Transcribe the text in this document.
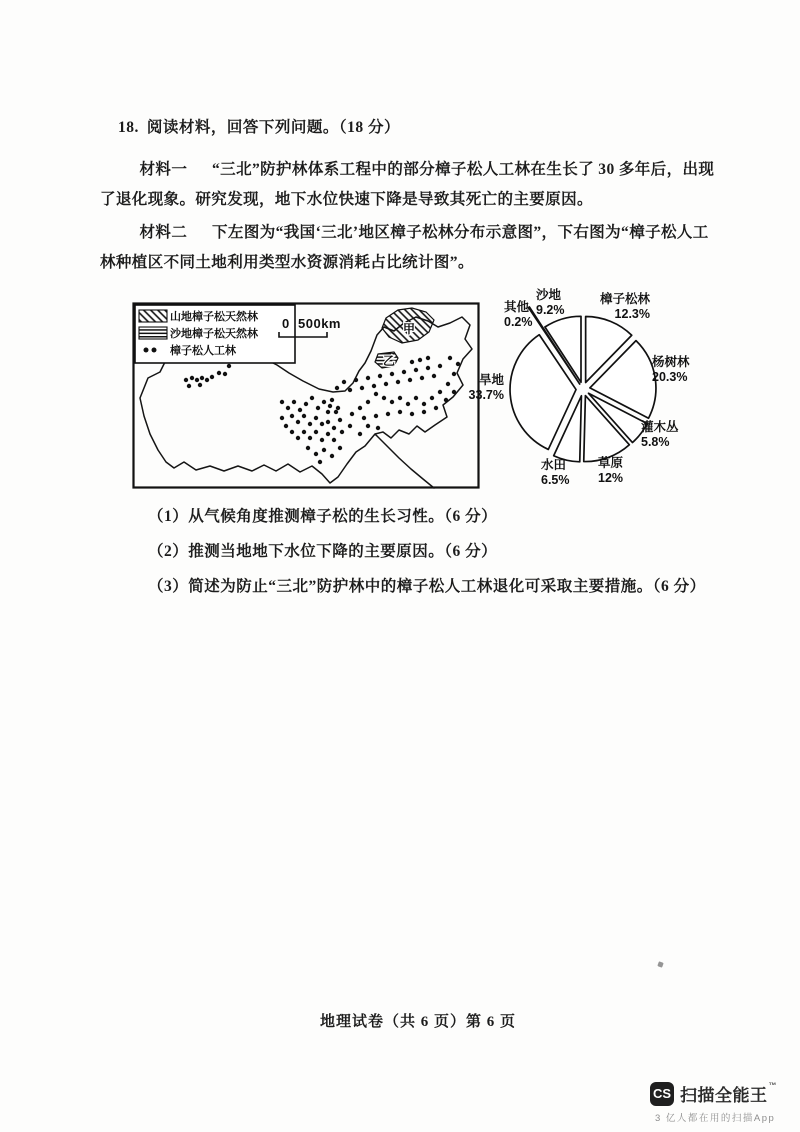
18. 阅读材料，回答下列问题。（18 分）

材料一 “三北”防护林体系工程中的部分樟子松人工林在生长了 30 多年后，出现了退化现象。研究发现，地下水位快速下降是导致其死亡的主要原因。

材料二 下左图为“我国‘三北’地区樟子松林分布示意图”，下右图为“樟子松人工林种植区不同土地利用类型水资源消耗占比统计图”。

甲
乙
山地樟子松天然林
沙地樟子松天然林
樟子松人工林
0 500km
沙地
9.2%
樟子松林
12.3%
其他
0.2%
杨树林
20.3%
旱地
33.7%
灌木丛
5.8%
草原
12%
水田
6.5%

（1）从气候角度推测樟子松的生长习性。（6 分）

（2）推测当地地下水位下降的主要原因。（6 分）

（3）简述为防止“三北”防护林中的樟子松人工林退化可采取主要措施。（6 分）

地理试卷（共 6 页）第 6 页
CS 扫描全能王™
3 亿人都在用的扫描App
